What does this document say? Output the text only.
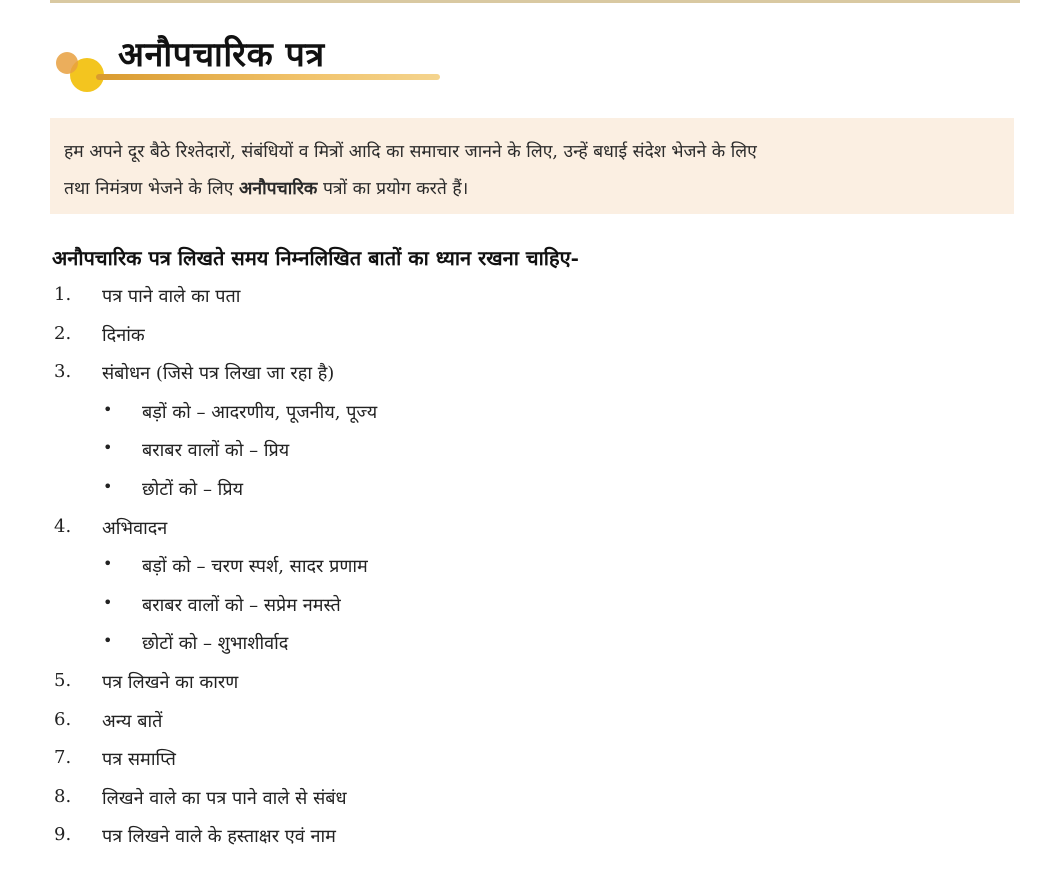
अनौपचारिक पत्र
हम अपने दूर बैठे रिश्तेदारों, संबंधियों व मित्रों आदि का समाचार जानने के लिए, उन्हें बधाई संदेश भेजने के लिए
तथा निमंत्रण भेजने के लिए अनौपचारिक पत्रों का प्रयोग करते हैं।
अनौपचारिक पत्र लिखते समय निम्नलिखित बातों का ध्यान रखना चाहिए-
1.	पत्र पाने वाले का पता
2.	दिनांक
3.	संबोधन (जिसे पत्र लिखा जा रहा है)
• बड़ों को – आदरणीय, पूजनीय, पूज्य
• बराबर वालों को – प्रिय
• छोटों को – प्रिय
4.	अभिवादन
• बड़ों को – चरण स्पर्श, सादर प्रणाम
• बराबर वालों को – सप्रेम नमस्ते
• छोटों को – शुभाशीर्वाद
5.	पत्र लिखने का कारण
6.	अन्य बातें
7.	पत्र समाप्ति
8.	लिखने वाले का पत्र पाने वाले से संबंध
9.	पत्र लिखने वाले के हस्ताक्षर एवं नाम
